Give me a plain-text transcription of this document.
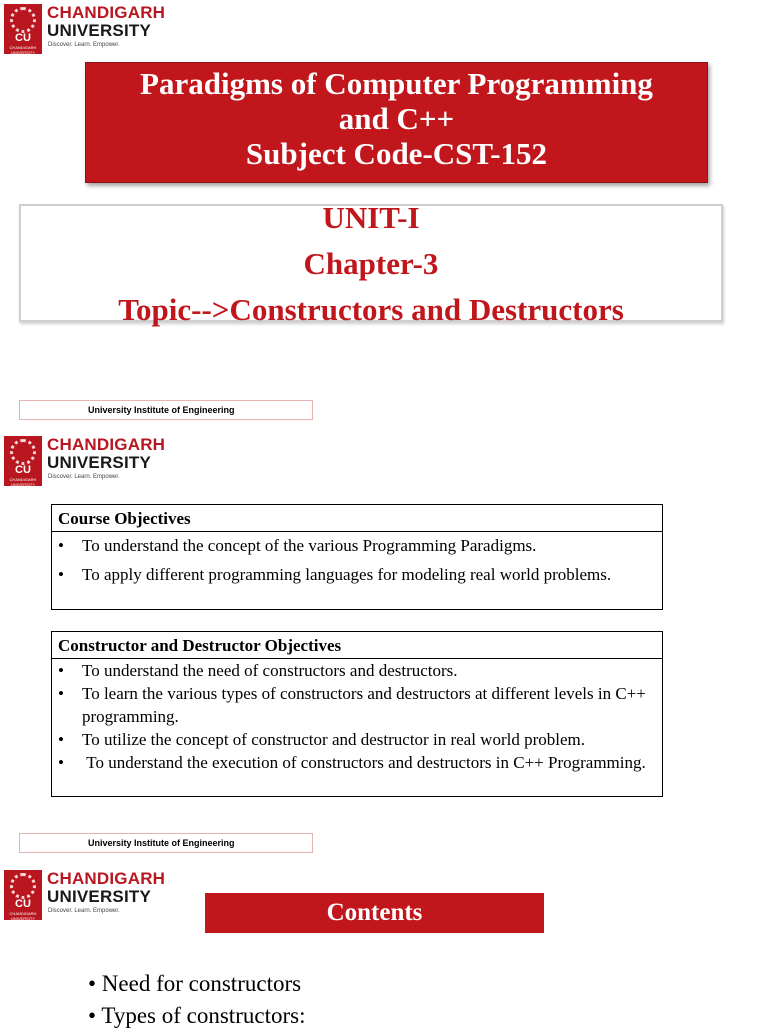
CU
CHANDIGARH UNIVERSITY
CHANDIGARH
UNIVERSITY
Discover. Learn. Empower.
Paradigms of Computer Programming
and C++
Subject Code-CST-152
UNIT-I
Chapter-3
Topic-->Constructors and Destructors
University Institute of Engineering
CU
CHANDIGARH UNIVERSITY
CHANDIGARH
UNIVERSITY
Discover. Learn. Empower.
Course Objectives
• To understand the concept of the various Programming Paradigms.
• To apply different programming languages for modeling real world problems.
Constructor and Destructor Objectives
• To understand the need of constructors and destructors.
• To learn the various types of constructors and destructors at different levels in C++ programming.
• To utilize the concept of constructor and destructor in real world problem.
• To understand the execution of constructors and destructors in C++ Programming.
University Institute of Engineering
CU
CHANDIGARH UNIVERSITY
CHANDIGARH
UNIVERSITY
Discover. Learn. Empower.	Contents
• Need for constructors
• Types of constructors:
